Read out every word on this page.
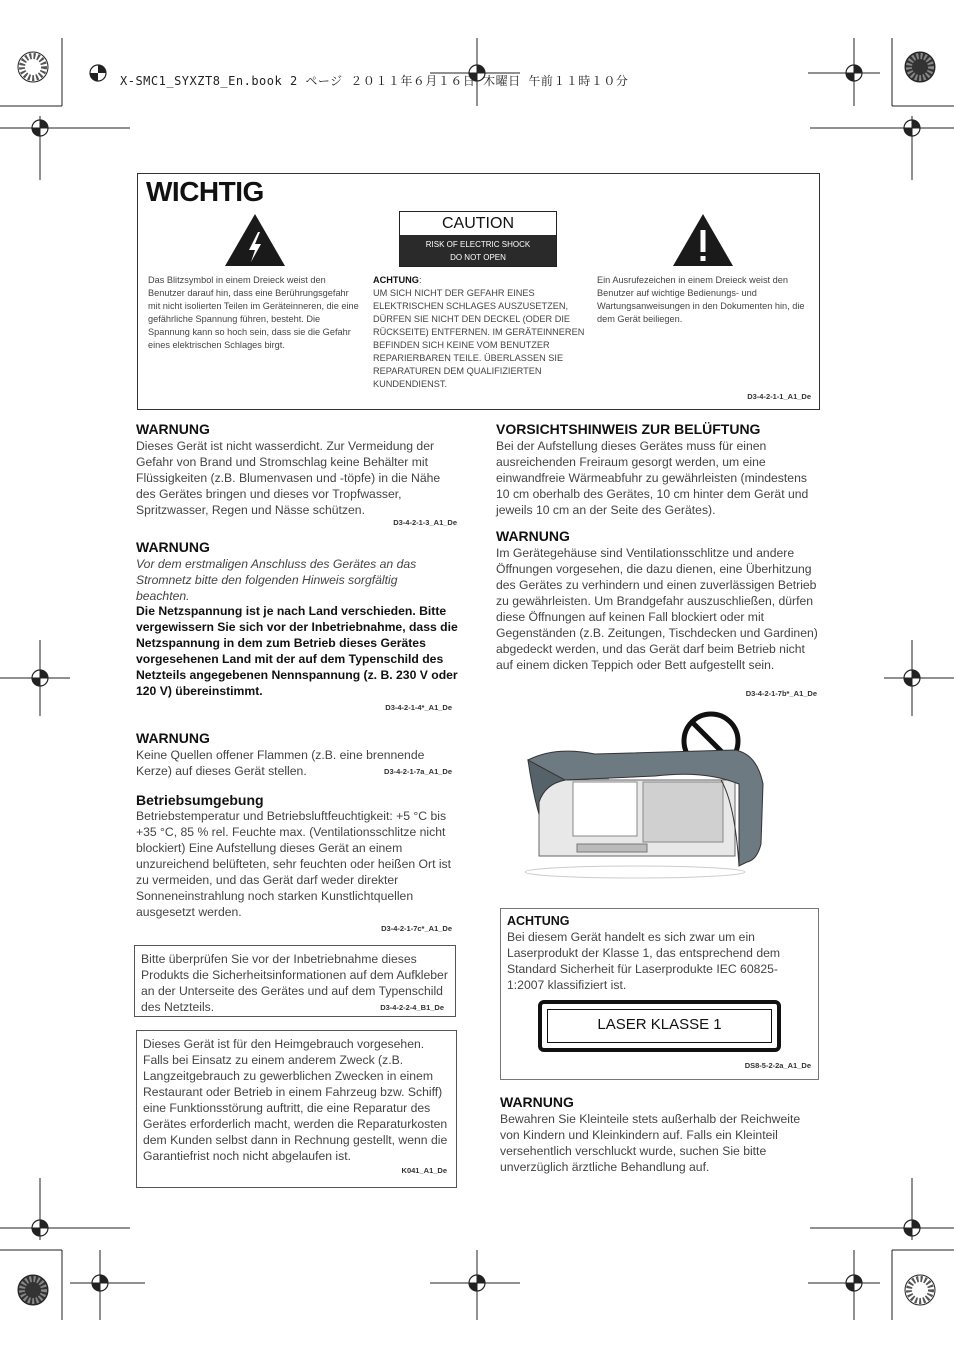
X-SMC1_SYXZT8_En.book 2 ページ ２０１１年６月１６日 木曜日 午前１１時１０分
WICHTIG
CAUTION
RISK OF ELECTRIC SHOCK
DO NOT OPEN
Das Blitzsymbol in einem Dreieck weist den Benutzer darauf hin, dass eine Berührungsgefahr mit nicht isolierten Teilen im Geräteinneren, die eine gefährliche Spannung führen, besteht. Die Spannung kann so hoch sein, dass sie die Gefahr eines elektrischen Schlages birgt.
ACHTUNG:
UM SICH NICHT DER GEFAHR EINES ELEKTRISCHEN SCHLAGES AUSZUSETZEN, DÜRFEN SIE NICHT DEN DECKEL (ODER DIE RÜCKSEITE) ENTFERNEN. IM GERÄTEINNEREN BEFINDEN SICH KEINE VOM BENUTZER REPARIERBAREN TEILE. ÜBERLASSEN SIE REPARATUREN DEM QUALIFIZIERTEN KUNDENDIENST.
Ein Ausrufezeichen in einem Dreieck weist den Benutzer auf wichtige Bedienungs- und Wartungsanweisungen in den Dokumenten hin, die dem Gerät beiliegen.
D3-4-2-1-1_A1_De
WARNUNG
Dieses Gerät ist nicht wasserdicht. Zur Vermeidung der Gefahr von Brand und Stromschlag keine Behälter mit Flüssigkeiten (z.B. Blumenvasen und -töpfe) in die Nähe des Gerätes bringen und dieses vor Tropfwasser, Spritzwasser, Regen und Nässe schützen.
D3-4-2-1-3_A1_De
WARNUNG
Vor dem erstmaligen Anschluss des Gerätes an das Stromnetz bitte den folgenden Hinweis sorgfältig beachten.
Die Netzspannung ist je nach Land verschieden. Bitte vergewissern Sie sich vor der Inbetriebnahme, dass die Netzspannung in dem zum Betrieb dieses Gerätes vorgesehenen Land mit der auf dem Typenschild des Netzteils angegebenen Nennspannung (z. B. 230 V oder 120 V) übereinstimmt.
D3-4-2-1-4*_A1_De
WARNUNG
Keine Quellen offener Flammen (z.B. eine brennende Kerze) auf dieses Gerät stellen.	D3-4-2-1-7a_A1_De
Betriebsumgebung
Betriebstemperatur und Betriebsluftfeuchtigkeit: +5 °C bis +35 °C, 85 % rel. Feuchte max. (Ventilationsschlitze nicht blockiert) Eine Aufstellung dieses Gerät an einem unzureichend belüfteten, sehr feuchten oder heißen Ort ist zu vermeiden, und das Gerät darf weder direkter Sonneneinstrahlung noch starken Kunstlichtquellen ausgesetzt werden.
D3-4-2-1-7c*_A1_De
Bitte überprüfen Sie vor der Inbetriebnahme dieses Produkts die Sicherheitsinformationen auf dem Aufkleber an der Unterseite des Gerätes und auf dem Typenschild des Netzteils.	D3-4-2-2-4_B1_De
Dieses Gerät ist für den Heimgebrauch vorgesehen. Falls bei Einsatz zu einem anderem Zweck (z.B. Langzeitgebrauch zu gewerblichen Zwecken in einem Restaurant oder Betrieb in einem Fahrzeug bzw. Schiff) eine Funktionsstörung auftritt, die eine Reparatur des Gerätes erforderlich macht, werden die Reparaturkosten dem Kunden selbst dann in Rechnung gestellt, wenn die Garantiefrist noch nicht abgelaufen ist.
K041_A1_De
VORSICHTSHINWEIS ZUR BELÜFTUNG
Bei der Aufstellung dieses Gerätes muss für einen ausreichenden Freiraum gesorgt werden, um eine einwandfreie Wärmeabfuhr zu gewährleisten (mindestens 10 cm oberhalb des Gerätes, 10 cm hinter dem Gerät und jeweils 10 cm an der Seite des Gerätes).
WARNUNG
Im Gerätegehäuse sind Ventilationsschlitze und andere Öffnungen vorgesehen, die dazu dienen, eine Überhitzung des Gerätes zu verhindern und einen zuverlässigen Betrieb zu gewährleisten. Um Brandgefahr auszuschließen, dürfen diese Öffnungen auf keinen Fall blockiert oder mit Gegenständen (z.B. Zeitungen, Tischdecken und Gardinen) abgedeckt werden, und das Gerät darf beim Betrieb nicht auf einem dicken Teppich oder Bett aufgestellt sein.
D3-4-2-1-7b*_A1_De
ACHTUNG
Bei diesem Gerät handelt es sich zwar um ein Laserprodukt der Klasse 1, das entsprechend dem Standard Sicherheit für Laserprodukte IEC 60825-1:2007 klassifiziert ist.
LASER KLASSE 1
DS8-5-2-2a_A1_De
WARNUNG
Bewahren Sie Kleinteile stets außerhalb der Reichweite von Kindern und Kleinkindern auf. Falls ein Kleinteil versehentlich verschluckt wurde, suchen Sie bitte unverzüglich ärztliche Behandlung auf.
